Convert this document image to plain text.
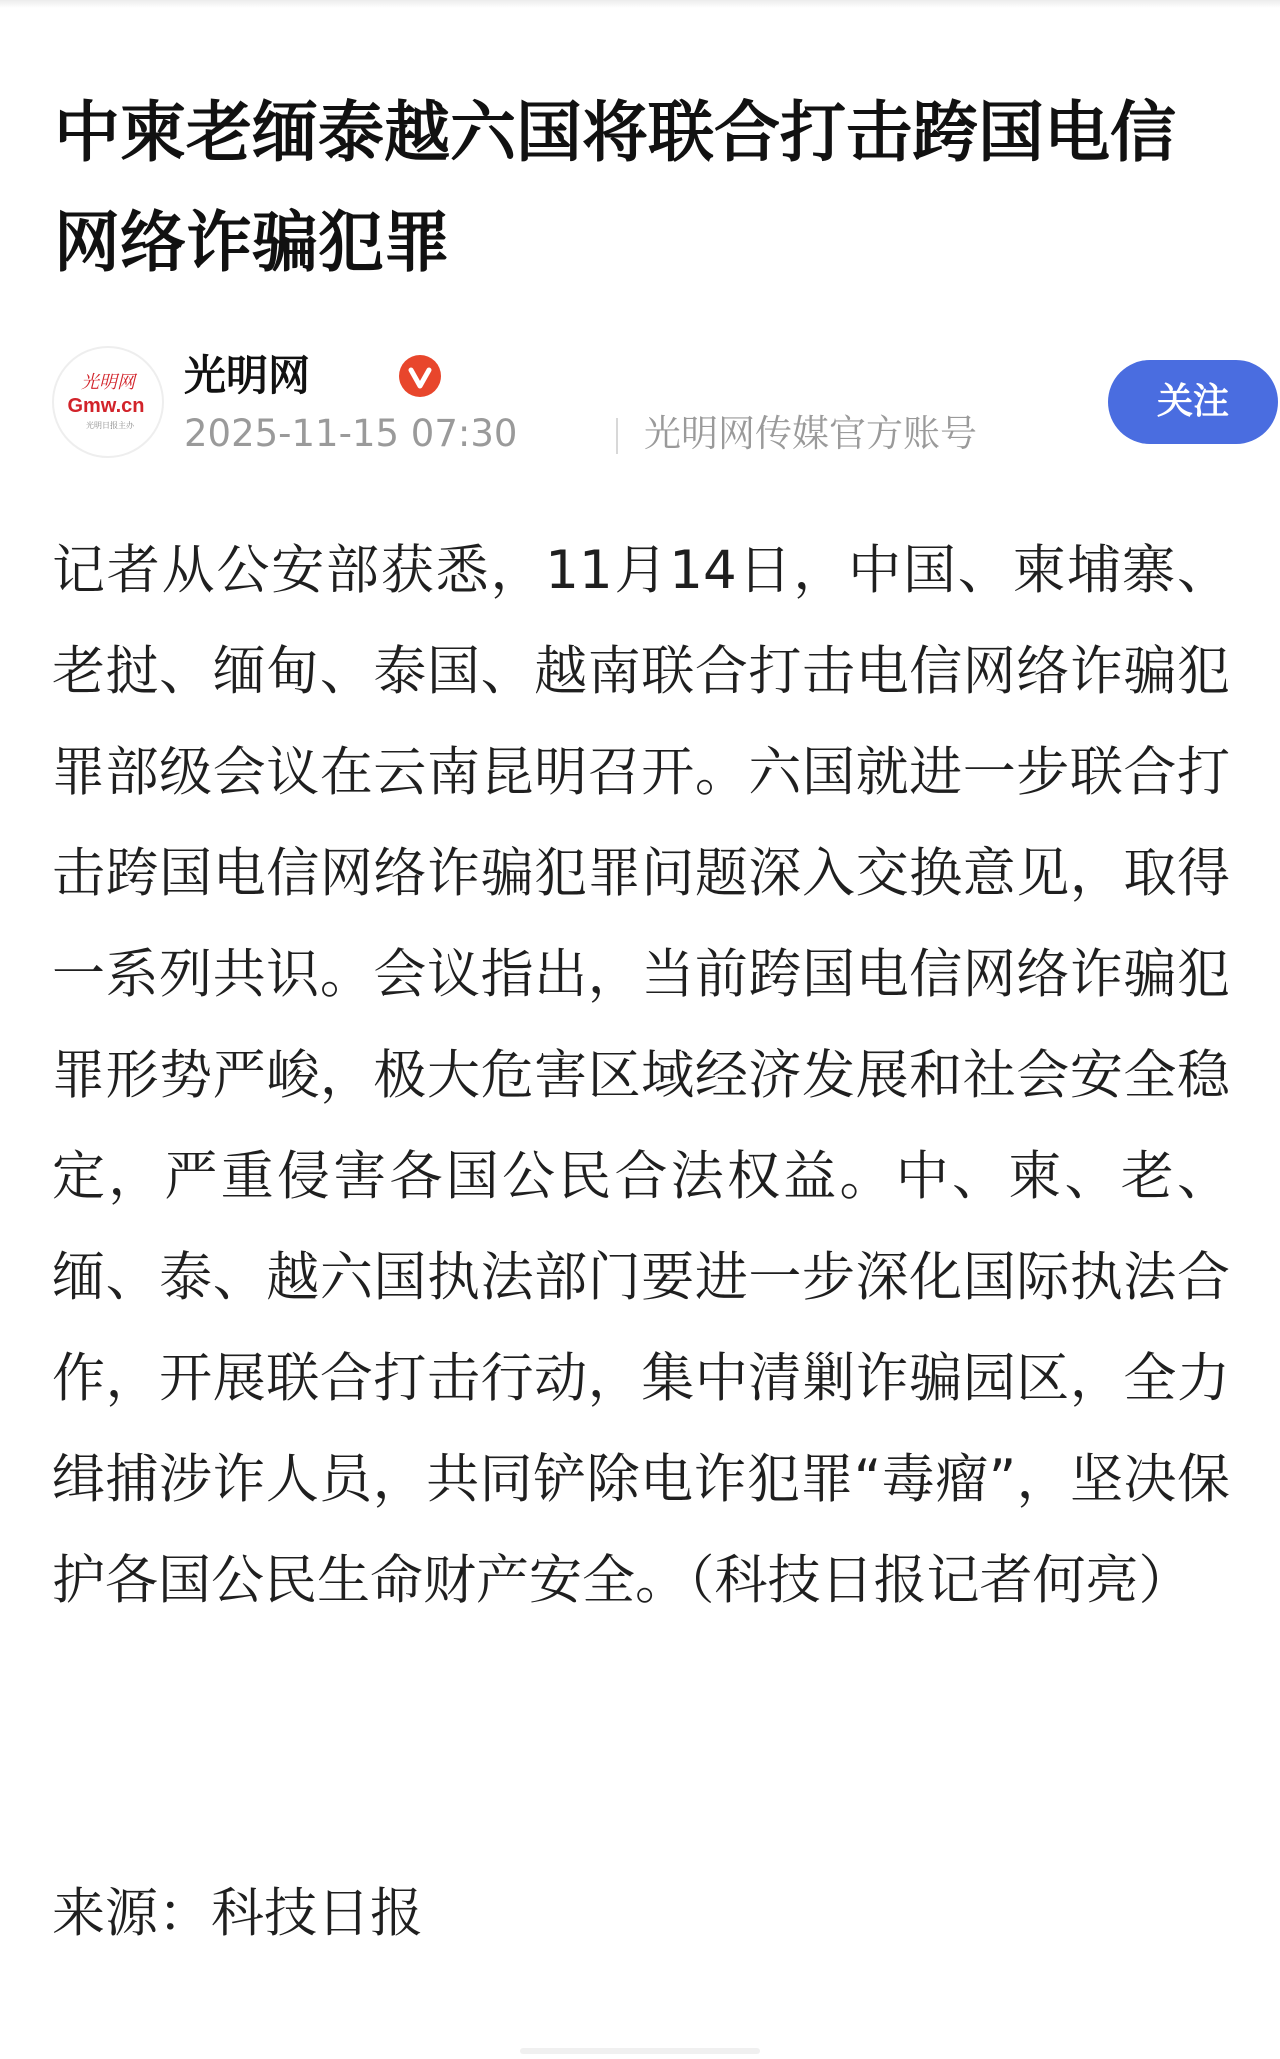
中柬老缅泰越六国将联合打击跨国电信网络诈骗犯罪
光明网
Gmw.cn
光明日报主办
光明网
2025-11-15 07:30	光明网传媒官方账号
关注

记者从公安部获悉，11月14日，中国、柬埔寨、老挝、缅甸、泰国、越南联合打击电信网络诈骗犯罪部级会议在云南昆明召开。六国就进一步联合打击跨国电信网络诈骗犯罪问题深入交换意见，取得一系列共识。会议指出，当前跨国电信网络诈骗犯罪形势严峻，极大危害区域经济发展和社会安全稳定，严重侵害各国公民合法权益。中、柬、老、缅、泰、越六国执法部门要进一步深化国际执法合作，开展联合打击行动，集中清剿诈骗园区，全力缉捕涉诈人员，共同铲除电诈犯罪“毒瘤”，坚决保护各国公民生命财产安全。（科技日报记者何亮）

来源：科技日报
